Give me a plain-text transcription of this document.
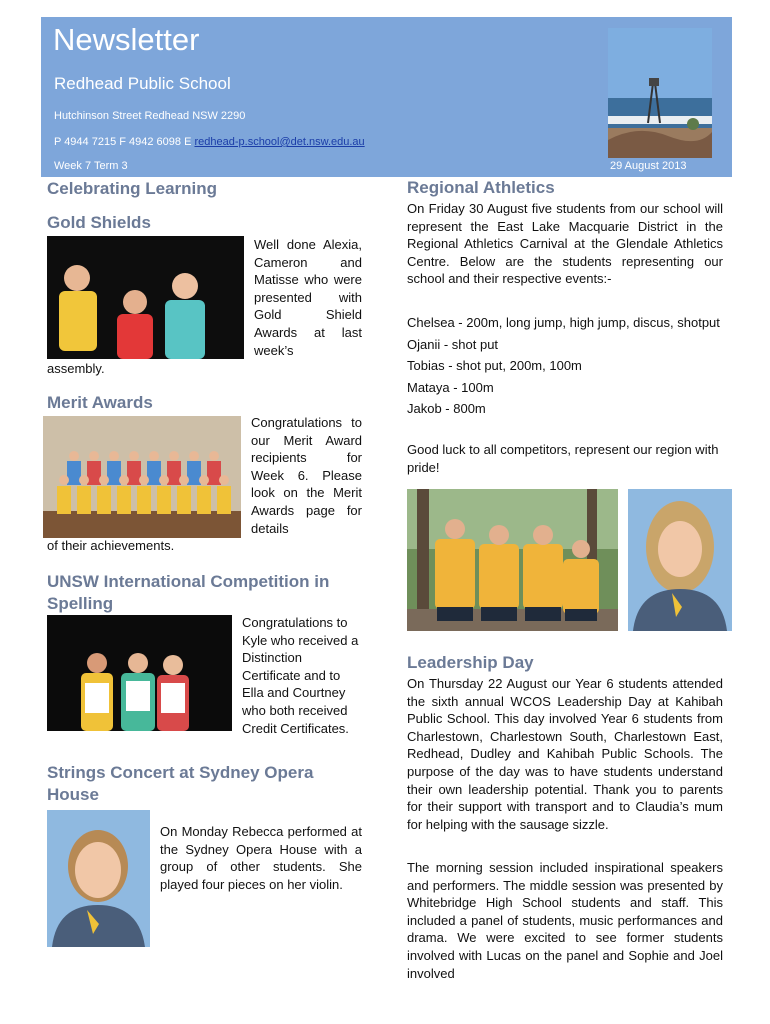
Newsletter
Redhead Public School
Hutchinson Street Redhead NSW 2290
P 4944 7215 F 4942 6098 E redhead-p.school@det.nsw.edu.au
Week 7 Term 3	29 August 2013
Celebrating Learning
Gold Shields
Well done Alexia, Cameron and Matisse who were presented with Gold Shield Awards at last week’s
assembly.
Merit Awards
Congratulations to our Merit Award recipients for Week 6. Please look on the Merit Awards page for details
of their achievements.
UNSW International Competition in
Spelling
Congratulations to Kyle who received a Distinction Certificate and to Ella and Courtney who both received Credit Certificates.
Strings Concert at Sydney Opera
House
On Monday Rebecca performed at the Sydney Opera House with a group of other students. She played four pieces on her violin.
Regional Athletics
On Friday 30 August five students from our school will represent the East Lake Macquarie District in the Regional Athletics Carnival at the Glendale Athletics Centre. Below are the students representing our school and their respective events:-
Chelsea - 200m, long jump, high jump, discus, shotput
Ojanii - shot put
Tobias - shot put, 200m, 100m
Mataya - 100m
Jakob - 800m
Good luck to all competitors, represent our region with pride!
Leadership Day
On Thursday 22 August our Year 6 students attended the sixth annual WCOS Leadership Day at Kahibah Public School. This day involved Year 6 students from Charlestown, Charlestown South, Charlestown East, Redhead, Dudley and Kahibah Public Schools. The purpose of the day was to have students understand their own leadership potential. Thank you to parents for their support with transport and to Claudia’s mum for helping with the sausage sizzle.
The morning session included inspirational speakers and performers. The middle session was presented by Whitebridge High School students and staff. This included a panel of students, music performances and drama. We were excited to see former students involved with Lucas on the panel and Sophie and Joel involved
